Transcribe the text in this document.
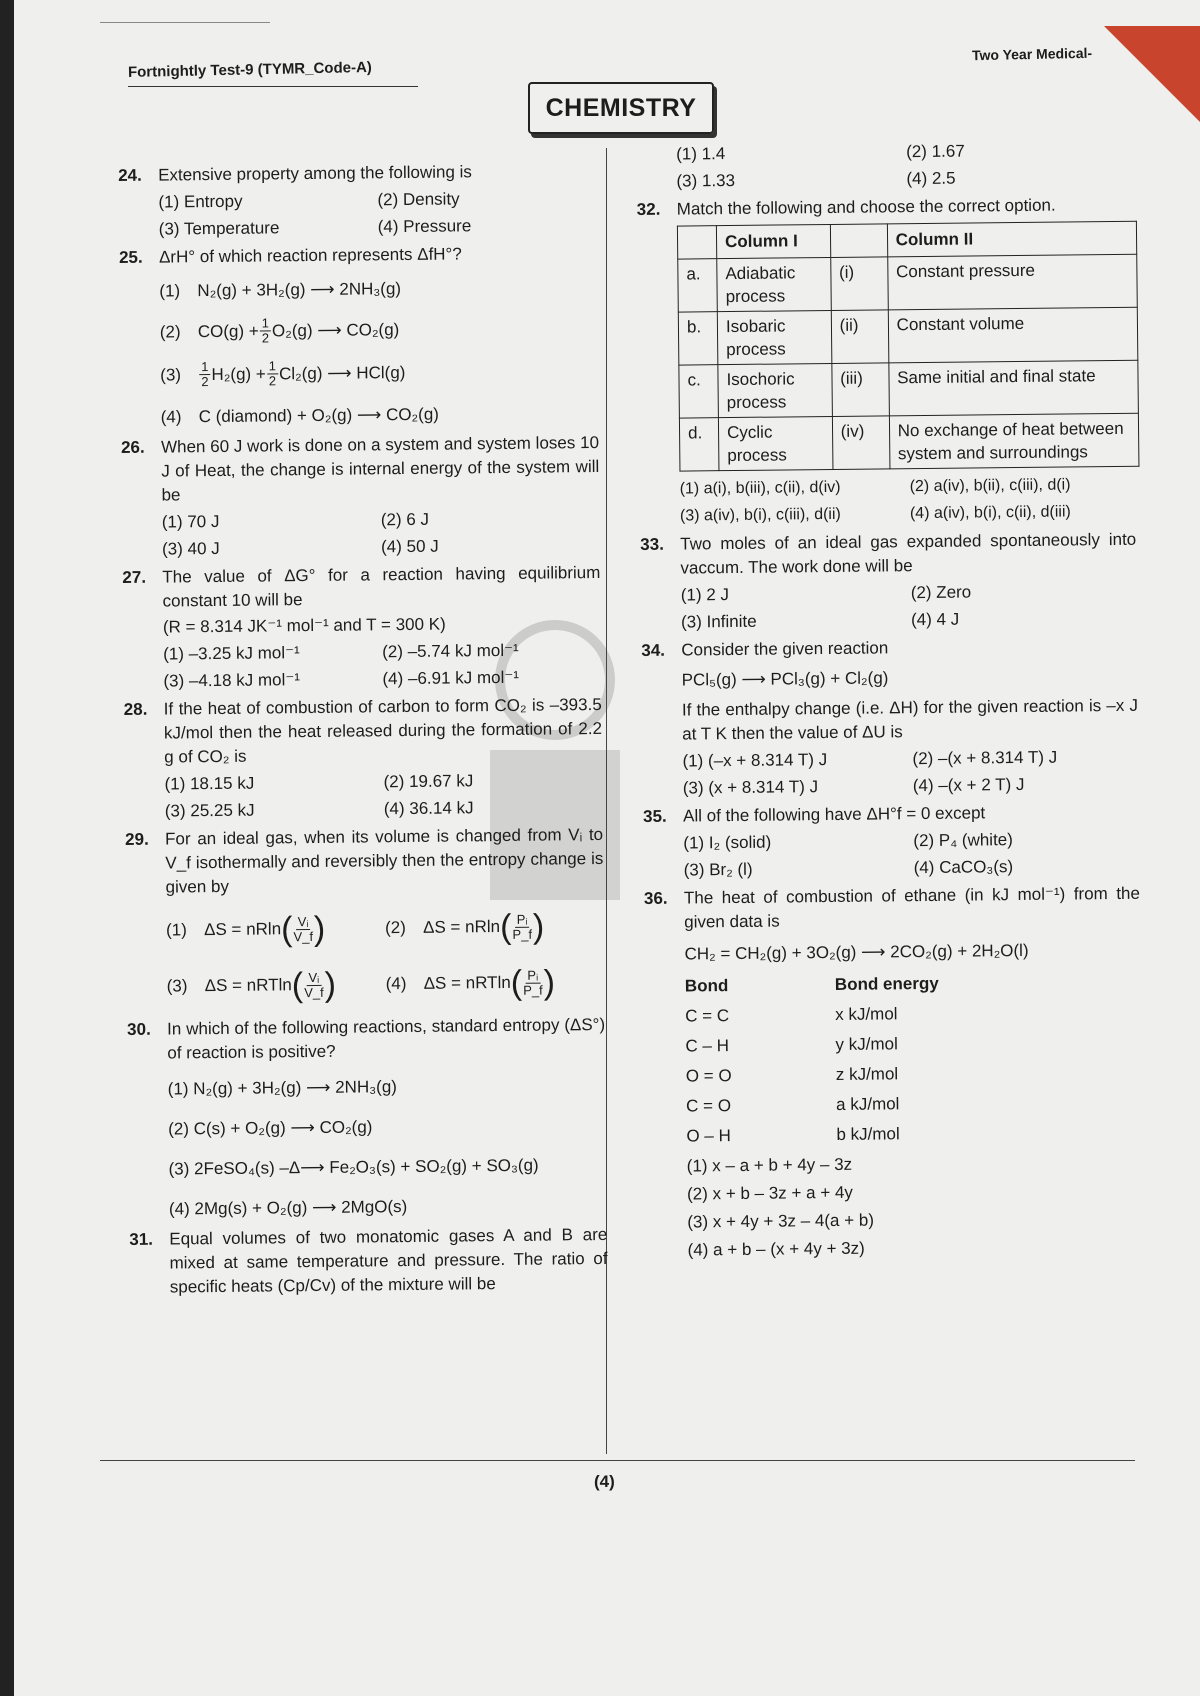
Fortnightly Test-9 (TYMR_Code-A)
Two Year Medical-
CHEMISTRY
24. Extensive property among the following is
(1) Entropy	(2) Density
(3) Temperature	(4) Pressure
25. ΔrH° of which reaction represents ΔfH°?
(1)	N₂(g) + 3H₂(g) ⟶ 2NH₃(g)
(2)	$CO(g) + \frac{1}{2} O_2(g)$ ⟶ CO₂(g)
(3)	$\frac{1}{2} H_2(g) + \frac{1}{2} Cl_2(g)$ ⟶ HCl(g)
(4)	C (diamond) + O₂(g) ⟶ CO₂(g)
26. When 60 J work is done on a system and system loses 10 J of Heat, the change is internal energy of the system will be
(1) 70 J	(2) 6 J
(3) 40 J	(4) 50 J
27. The value of ΔG° for a reaction having equilibrium constant 10 will be
(R = 8.314 JK⁻¹ mol⁻¹ and T = 300 K)
(1) –3.25 kJ mol⁻¹	(2) –5.74 kJ mol⁻¹
(3) –4.18 kJ mol⁻¹	(4) –6.91 kJ mol⁻¹
28. If the heat of combustion of carbon to form CO₂ is –393.5 kJ/mol then the heat released during the formation of 2.2 g of CO₂ is
(1) 18.15 kJ	(2) 19.67 kJ
(3) 25.25 kJ	(4) 36.14 kJ
29. For an ideal gas, when its volume is changed from Vᵢ to V_f isothermally and reversibly then the entropy change is given by
(1)	ΔS = nRln ( $\frac{\text{Vᵢ}}{V\_f}$ )	(2)	ΔS = nRln ( $\frac{\text{Pᵢ}}{P\_f}$ )
(3)	ΔS = nRTln ( $\frac{\text{Vᵢ}}{V\_f}$ )	(4)	ΔS = nRTln ( $\frac{\text{Pᵢ}}{P\_f}$ )
30. In which of the following reactions, standard entropy (ΔS°) of reaction is positive?
(1) N₂(g) + 3H₂(g) ⟶ 2NH₃(g)
(2) C(s) + O₂(g) ⟶ CO₂(g)
(3) 2FeSO₄(s) –Δ⟶ Fe₂O₃(s) + SO₂(g) + SO₃(g)
(4) 2Mg(s) + O₂(g) ⟶ 2MgO(s)
31. Equal volumes of two monatomic gases A and B are mixed at same temperature and pressure. The ratio of specific heats (Cp/Cv) of the mixture will be
(1) 1.4	(2) 1.67
(3) 1.33	(4) 2.5
32. Match the following and choose the correct option.
	Column I		Column II
a.	Adiabatic process	(i)	Constant pressure
b.	Isobaric process	(ii)	Constant volume
c.	Isochoric process	(iii)	Same initial and final state
d.	Cyclic process	(iv)	No exchange of heat between system and surroundings
(1) a(i), b(iii), c(ii), d(iv)	(2) a(iv), b(ii), c(iii), d(i)
(3) a(iv), b(i), c(iii), d(ii)	(4) a(iv), b(i), c(ii), d(iii)
33. Two moles of an ideal gas expanded spontaneously into vaccum. The work done will be
(1) 2 J	(2) Zero
(3) Infinite	(4) 4 J
34. Consider the given reaction
PCl₅(g) ⟶ PCl₃(g) + Cl₂(g)
If the enthalpy change (i.e. ΔH) for the given reaction is –x J at T K then the value of ΔU is
(1) (–x + 8.314 T) J	(2) –(x + 8.314 T) J
(3) (x + 8.314 T) J	(4) –(x + 2 T) J
35. All of the following have ΔH°f = 0 except
(1) I₂ (solid)	(2) P₄ (white)
(3) Br₂ (l)	(4) CaCO₃(s)
36. The heat of combustion of ethane (in kJ mol⁻¹) from the given data is
CH₂ = CH₂(g) + 3O₂(g) ⟶ 2CO₂(g) + 2H₂O(l)
Bond	Bond energy
C = C	x kJ/mol
C – H	y kJ/mol
O = O	z kJ/mol
C = O	a kJ/mol
O – H	b kJ/mol
(1) x – a + b + 4y – 3z
(2) x + b – 3z + a + 4y
(3) x + 4y + 3z – 4(a + b)
(4) a + b – (x + 4y + 3z)
(4)
